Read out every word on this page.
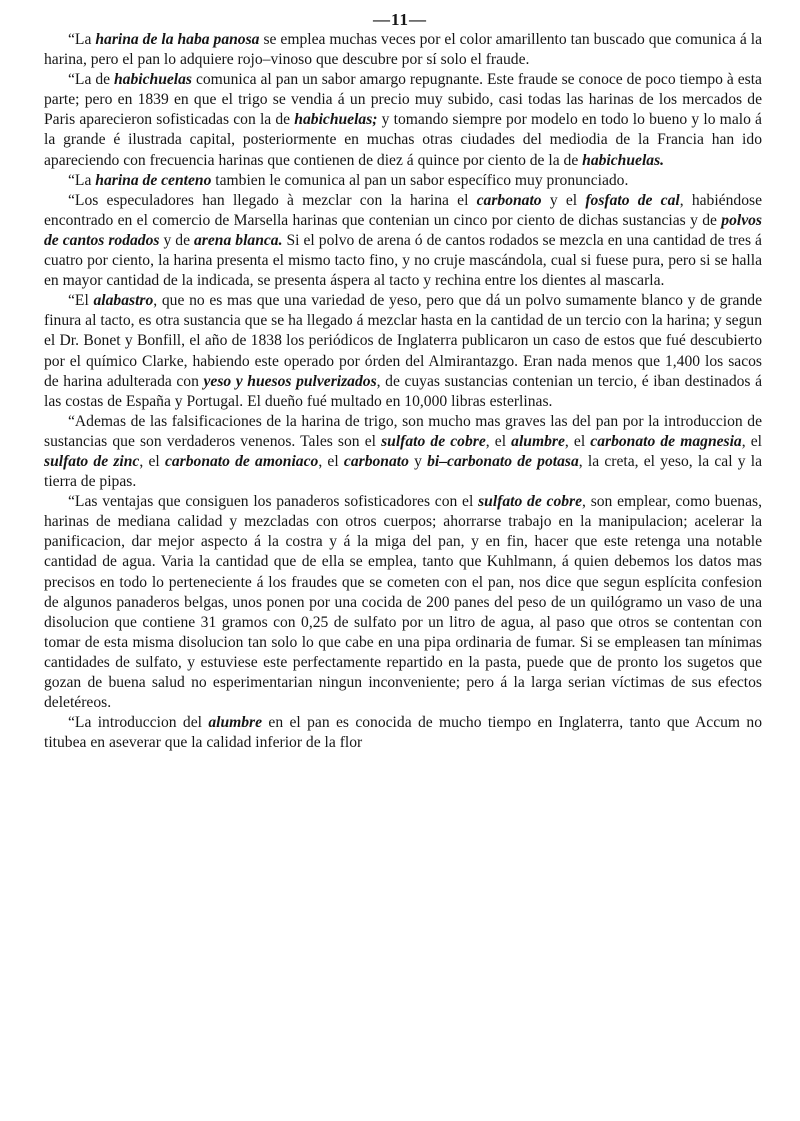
—11—

“La harina de la haba panosa se emplea muchas veces por el color amarillento tan buscado que comunica á la harina, pero el pan lo adquiere rojo–vinoso que descubre por sí solo el fraude.

“La de habichuelas comunica al pan un sabor amargo repugnante. Este fraude se conoce de poco tiempo à esta parte; pero en 1839 en que el trigo se vendia á un precio muy subido, casi todas las harinas de los mercados de Paris aparecieron sofisticadas con la de habichuelas; y tomando siempre por modelo en todo lo bueno y lo malo á la grande é ilustrada capital, posteriormente en muchas otras ciudades del mediodia de la Francia han ido apareciendo con frecuencia harinas que contienen de diez á quince por ciento de la de habichuelas.

“La harina de centeno tambien le comunica al pan un sabor específico muy pronunciado.

“Los especuladores han llegado à mezclar con la harina el carbonato y el fosfato de cal, habiéndose encontrado en el comercio de Marsella harinas que contenian un cinco por ciento de dichas sustancias y de polvos de cantos rodados y de arena blanca. Si el polvo de arena ó de cantos rodados se mezcla en una cantidad de tres á cuatro por ciento, la harina presenta el mismo tacto fino, y no cruje mascándola, cual si fuese pura, pero si se halla en mayor cantidad de la indicada, se presenta áspera al tacto y rechina entre los dientes al mascarla.

“El alabastro, que no es mas que una variedad de yeso, pero que dá un polvo sumamente blanco y de grande finura al tacto, es otra sustancia que se ha llegado á mezclar hasta en la cantidad de un tercio con la harina; y segun el Dr. Bonet y Bonfill, el año de 1838 los periódicos de Inglaterra publicaron un caso de estos que fué descubierto por el químico Clarke, habiendo este operado por órden del Almirantazgo. Eran nada menos que 1,400 los sacos de harina adulterada con yeso y huesos pulverizados, de cuyas sustancias contenian un tercio, é iban destinados á las costas de España y Portugal. El dueño fué multado en 10,000 libras esterlinas.

“Ademas de las falsificaciones de la harina de trigo, son mucho mas graves las del pan por la introduccion de sustancias que son verdaderos venenos. Tales son el sulfato de cobre, el alumbre, el carbonato de magnesia, el sulfato de zinc, el carbonato de amoniaco, el carbonato y bi–carbonato de potasa, la creta, el yeso, la cal y la tierra de pipas.

“Las ventajas que consiguen los panaderos sofisticadores con el sulfato de cobre, son emplear, como buenas, harinas de mediana calidad y mezcladas con otros cuerpos; ahorrarse trabajo en la manipulacion; acelerar la panificacion, dar mejor aspecto á la costra y á la miga del pan, y en fin, hacer que este retenga una notable cantidad de agua. Varia la cantidad que de ella se emplea, tanto que Kuhlmann, á quien debemos los datos mas precisos en todo lo perteneciente á los fraudes que se cometen con el pan, nos dice que segun esplícita confesion de algunos panaderos belgas, unos ponen por una cocida de 200 panes del peso de un quilógramo un vaso de una disolucion que contiene 31 gramos con 0,25 de sulfato por un litro de agua, al paso que otros se contentan con tomar de esta misma disolucion tan solo lo que cabe en una pipa ordinaria de fumar. Si se empleasen tan mínimas cantidades de sulfato, y estuviese este perfectamente repartido en la pasta, puede que de pronto los sugetos que gozan de buena salud no esperimentarian ningun inconveniente; pero á la larga serian víctimas de sus efectos deletéreos.

“La introduccion del alumbre en el pan es conocida de mucho tiempo en Inglaterra, tanto que Accum no titubea en aseverar que la calidad inferior de la flor
